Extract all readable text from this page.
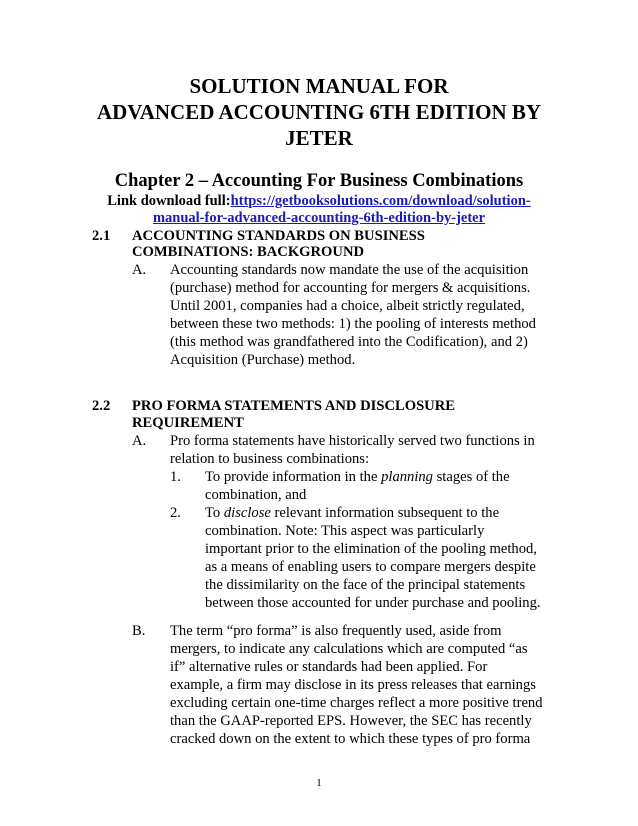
SOLUTION MANUAL FOR
ADVANCED ACCOUNTING 6TH EDITION BY
JETER
Chapter 2 – Accounting For Business Combinations
Link download full:https://getbooksolutions.com/download/solution-
manual-for-advanced-accounting-6th-edition-by-jeter
2.1 ACCOUNTING STANDARDS ON BUSINESS
COMBINATIONS: BACKGROUND
A. Accounting standards now mandate the use of the acquisition
(purchase) method for accounting for mergers & acquisitions.
Until 2001, companies had a choice, albeit strictly regulated,
between these two methods: 1) the pooling of interests method
(this method was grandfathered into the Codification), and 2)
Acquisition (Purchase) method.
2.2 PRO FORMA STATEMENTS AND DISCLOSURE
REQUIREMENT
A. Pro forma statements have historically served two functions in
relation to business combinations:
1. To provide information in the planning stages of the
combination, and
2. To disclose relevant information subsequent to the
combination. Note: This aspect was particularly
important prior to the elimination of the pooling method,
as a means of enabling users to compare mergers despite
the dissimilarity on the face of the principal statements
between those accounted for under purchase and pooling.
B. The term “pro forma” is also frequently used, aside from
mergers, to indicate any calculations which are computed “as
if” alternative rules or standards had been applied. For
example, a firm may disclose in its press releases that earnings
excluding certain one-time charges reflect a more positive trend
than the GAAP-reported EPS. However, the SEC has recently
cracked down on the extent to which these types of pro forma
1
